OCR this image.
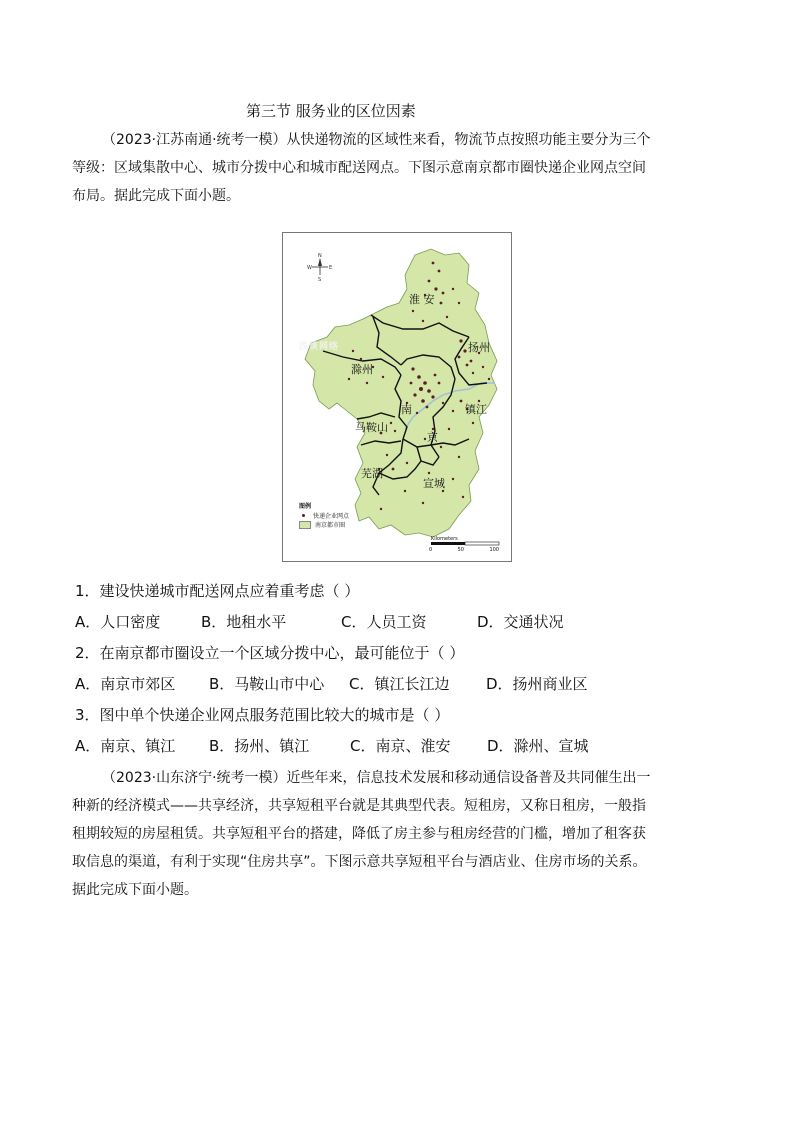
第三节 服务业的区位因素
（2023·江苏南通·统考一模）从快递物流的区域性来看，物流节点按照功能主要分为三个
等级：区域集散中心、城市分拨中心和城市配送网点。下图示意南京都市圈快递企业网点空间
布局。据此完成下面小题。
N
W	E
S
浅谈网络
淮 安
扬州
滁州
南	镇江
马鞍山
京
芜湖
宣城
图例
快递企业网点
南京都市圈
Kilometers
0	50	100
1．建设快递城市配送网点应着重考虑（ ）
A．人口密度	B．地租水平	C．人员工资	D．交通状况
2．在南京都市圈设立一个区域分拨中心，最可能位于（ ）
A．南京市郊区	B．马鞍山市中心	C．镇江长江边	D．扬州商业区
3．图中单个快递企业网点服务范围比较大的城市是（ ）
A．南京、镇江	B．扬州、镇江	C．南京、淮安	D．滁州、宣城
（2023·山东济宁·统考一模）近些年来，信息技术发展和移动通信设备普及共同催生出一
种新的经济模式——共享经济，共享短租平台就是其典型代表。短租房，又称日租房，一般指
租期较短的房屋租赁。共享短租平台的搭建，降低了房主参与租房经营的门槛，增加了租客获
取信息的渠道，有利于实现“住房共享”。下图示意共享短租平台与酒店业、住房市场的关系。
据此完成下面小题。
